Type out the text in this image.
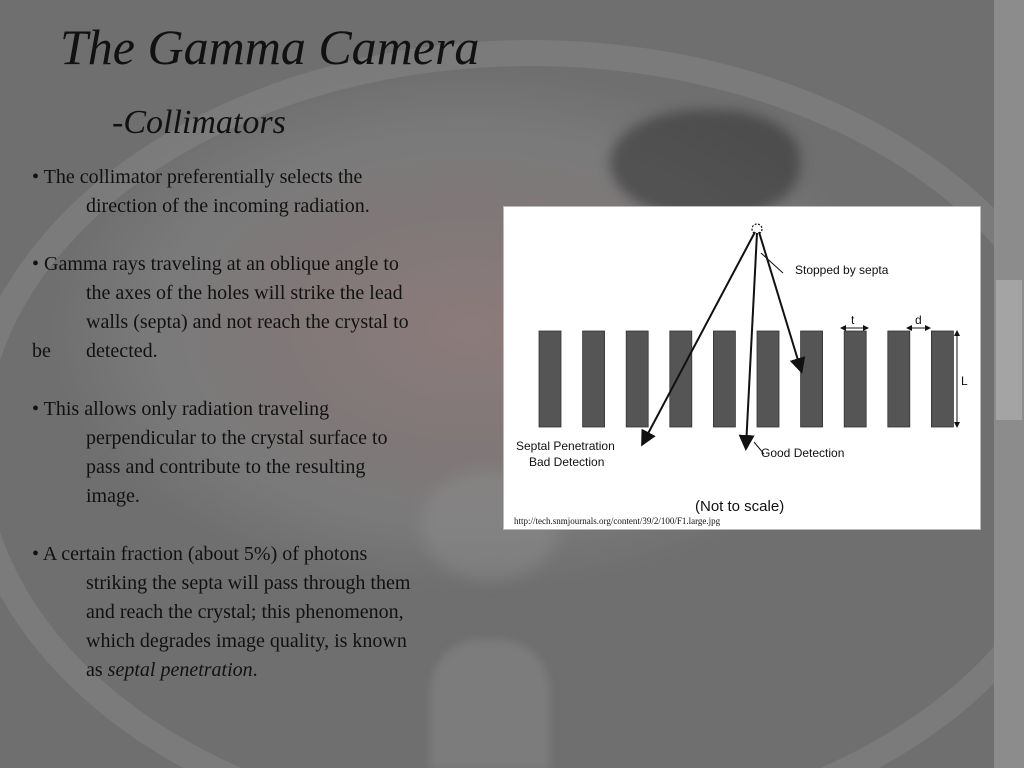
The Gamma Camera
-Collimators
• The collimator preferentially selects the
direction of the incoming radiation.
• Gamma rays traveling at an oblique angle to
the axes of the holes will strike the lead
walls (septa) and not reach the crystal to
be detected.
• This allows only radiation traveling
perpendicular to the crystal surface to
pass and contribute to the resulting
image.
• A certain fraction (about 5%) of photons
striking the septa will pass through them
and reach the crystal; this phenomenon,
which degrades image quality, is known
as septal penetration.
Stopped by septa
t	d
L
Septal Penetration
Bad Detection
Good Detection
(Not to scale)
http://tech.snmjournals.org/content/39/2/100/F1.large.jpg
